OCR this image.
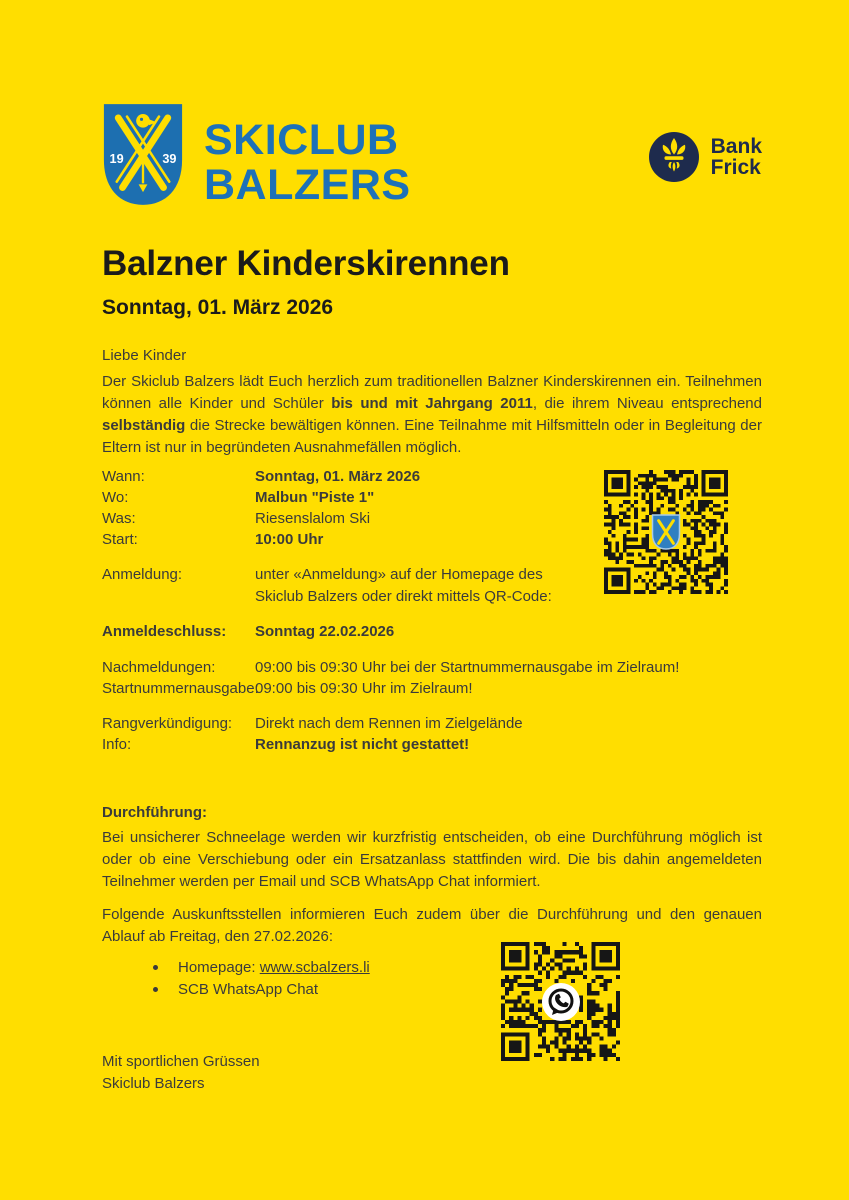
19	39 SKICLUB
BALZERS
Bank
Frick
Balzner Kinderskirennen
Sonntag, 01. März 2026
Liebe Kinder

Der Skiclub Balzers lädt Euch herzlich zum traditionellen Balzner Kinderskirennen ein. Teilnehmen können alle Kinder und Schüler bis und mit Jahrgang 2011, die ihrem Niveau entsprechend selbständig die Strecke bewältigen können. Eine Teilnahme mit Hilfsmitteln oder in Begleitung der Eltern ist nur in begründeten Ausnahmefällen möglich.

Wann:	Sonntag, 01. März 2026
Wo:	Malbun "Piste 1"
Was:	Riesenslalom Ski
Start:	10:00 Uhr
Anmeldung:	unter «Anmeldung» auf der Homepage des
Skiclub Balzers oder direkt mittels QR-Code:
Anmeldeschluss:	Sonntag 22.02.2026
Nachmeldungen:	09:00 bis 09:30 Uhr bei der Startnummernausgabe im Zielraum!
Startnummernausgabe:
09:00 bis 09:30 Uhr im Zielraum!
Rangverkündigung:	Direkt nach dem Rennen im Zielgelände
Info:	Rennanzug ist nicht gestattet!
Durchführung:

Bei unsicherer Schneelage werden wir kurzfristig entscheiden, ob eine Durchführung möglich ist oder ob eine Verschiebung oder ein Ersatzanlass stattfinden wird. Die bis dahin angemeldeten Teilnehmer werden per Email und SCB WhatsApp Chat informiert.

Folgende Auskunftsstellen informieren Euch zudem über die Durchführung und den genauen Ablauf ab Freitag, den 27.02.2026:

Homepage: www.scbalzers.li
SCB WhatsApp Chat
Mit sportlichen Grüssen
Skiclub Balzers
